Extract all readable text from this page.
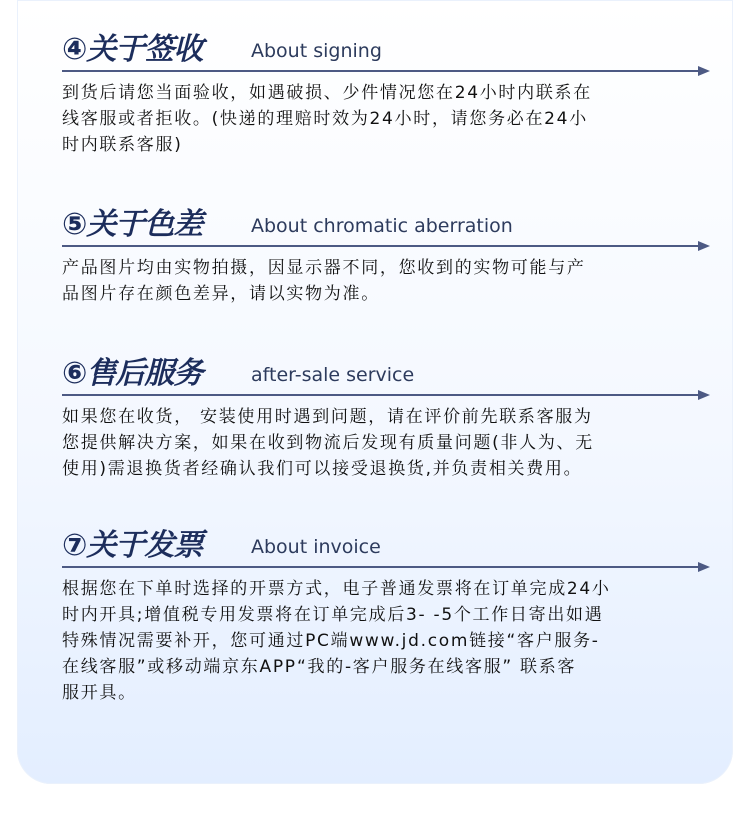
④关于签收	About signing

到货后请您当面验收，如遇破损、少件情况您在24小时内联系在
线客服或者拒收。(快递的理赔时效为24小时，请您务必在24小
时内联系客服)

⑤关于色差	About chromatic aberration

产品图片均由实物拍摄，因显示器不同，您收到的实物可能与产
品图片存在颜色差异，请以实物为准。

⑥售后服务	after-sale service

如果您在收货， 安装使用时遇到问题，请在评价前先联系客服为
您提供解决方案，如果在收到物流后发现有质量问题(非人为、无
使用)需退换货者经确认我们可以接受退换货,并负责相关费用。

⑦关于发票	About invoice

根据您在下单时选择的开票方式，电子普通发票将在订单完成24小
时内开具;增值税专用发票将在订单完成后3- -5个工作日寄出如遇
特殊情况需要补开，您可通过PC端www.jd.com链接“客户服务-
在线客服”或移动端京东APP“我的-客户服务在线客服” 联系客
服开具。
